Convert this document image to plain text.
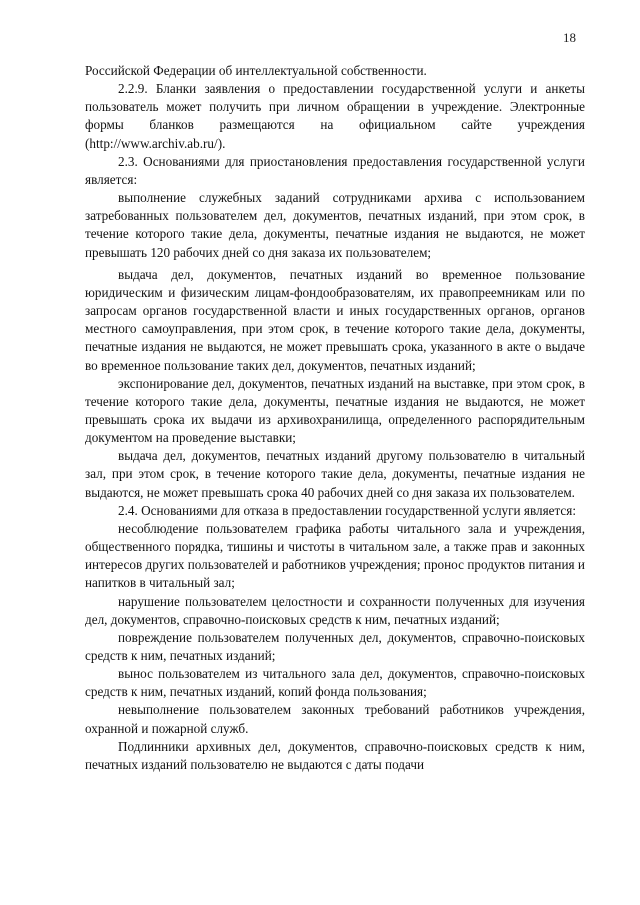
18

Российской Федерации об интеллектуальной собственности.

2.2.9. Бланки заявления о предоставлении государственной услуги и анкеты пользователь может получить при личном обращении в учреждение. Электронные формы бланков размещаются на официальном сайте учреждения (http://www.archiv.ab.ru/).

2.3. Основаниями для приостановления предоставления государственной услуги является:

выполнение служебных заданий сотрудниками архива с использованием затребованных пользователем дел, документов, печатных изданий, при этом срок, в течение которого такие дела, документы, печатные издания не выдаются, не может превышать 120 рабочих дней со дня заказа их пользователем;

выдача дел, документов, печатных изданий во временное пользование юридическим и физическим лицам-фондообразователям, их правопреемникам или по запросам органов государственной власти и иных государственных органов, органов местного самоуправления, при этом срок, в течение которого такие дела, документы, печатные издания не выдаются, не может превышать срока, указанного в акте о выдаче во временное пользование таких дел, документов, печатных изданий;

экспонирование дел, документов, печатных изданий на выставке, при этом срок, в течение которого такие дела, документы, печатные издания не выдаются, не может превышать срока их выдачи из архивохранилища, определенного распорядительным документом на проведение выставки;

выдача дел, документов, печатных изданий другому пользователю в читальный зал, при этом срок, в течение которого такие дела, документы, печатные издания не выдаются, не может превышать срока 40 рабочих дней со дня заказа их пользователем.

2.4. Основаниями для отказа в предоставлении государственной услуги является:

несоблюдение пользователем графика работы читального зала и учреждения, общественного порядка, тишины и чистоты в читальном зале, а также прав и законных интересов других пользователей и работников учреждения; пронос продуктов питания и напитков в читальный зал;

нарушение пользователем целостности и сохранности полученных для изучения дел, документов, справочно-поисковых средств к ним, печатных изданий;

повреждение пользователем полученных дел, документов, справочно-поисковых средств к ним, печатных изданий;

вынос пользователем из читального зала дел, документов, справочно-поисковых средств к ним, печатных изданий, копий фонда пользования;

невыполнение пользователем законных требований работников учреждения, охранной и пожарной служб.

Подлинники архивных дел, документов, справочно-поисковых средств к ним, печатных изданий пользователю не выдаются с даты подачи
